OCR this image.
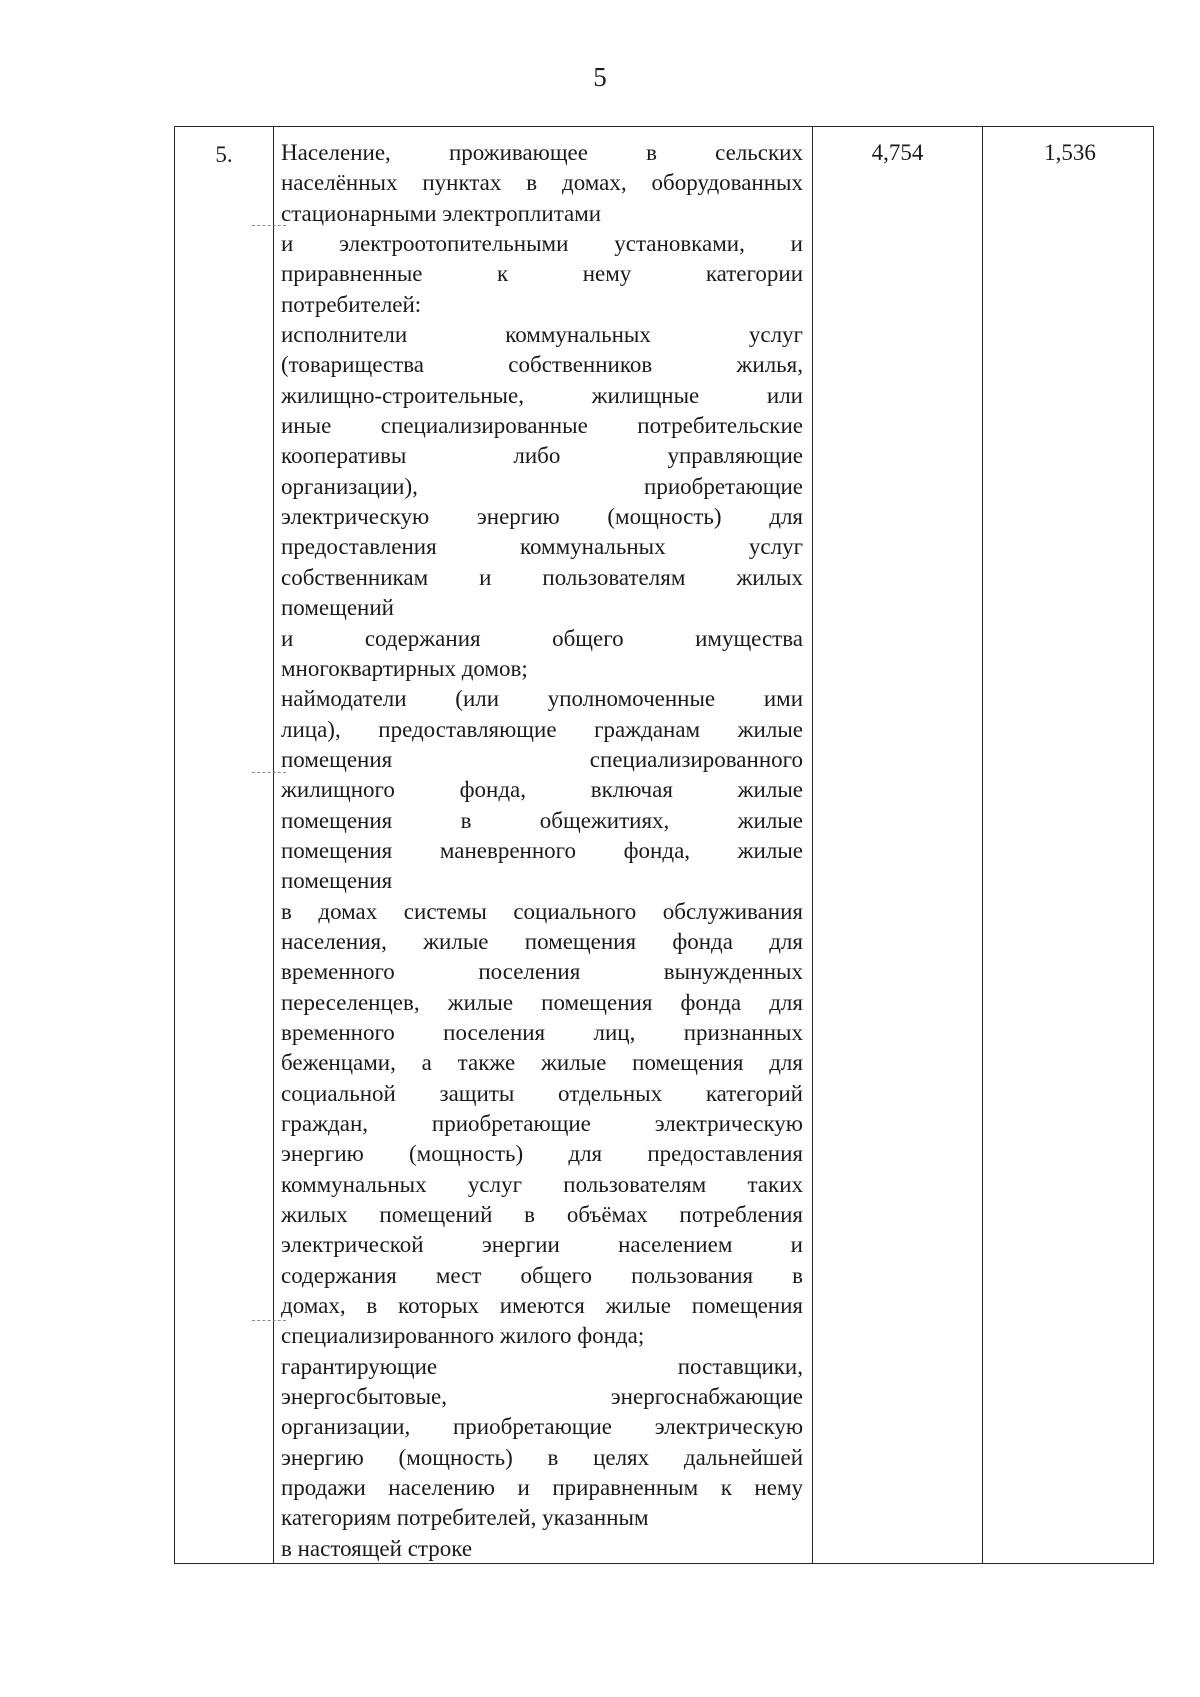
5
5.	Население, проживающее в сельских
населённых пунктах в домах, оборудованных
стационарными электроплитами
и электроотопительными установками, и
приравненные к нему категории
потребителей:
исполнители коммунальных услуг
(товарищества собственников жилья,
жилищно-строительные, жилищные или
иные специализированные потребительские
кооперативы либо управляющие
организации), приобретающие
электрическую энергию (мощность) для
предоставления коммунальных услуг
собственникам и пользователям жилых
помещений
и содержания общего имущества
многоквартирных домов;
наймодатели (или уполномоченные ими
лица), предоставляющие гражданам жилые
помещения специализированного
жилищного фонда, включая жилые
помещения в общежитиях, жилые
помещения маневренного фонда, жилые
помещения
в домах системы социального обслуживания
населения, жилые помещения фонда для
временного поселения вынужденных
переселенцев, жилые помещения фонда для
временного поселения лиц, признанных
беженцами, а также жилые помещения для
социальной защиты отдельных категорий
граждан, приобретающие электрическую
энергию (мощность) для предоставления
коммунальных услуг пользователям таких
жилых помещений в объёмах потребления
электрической энергии населением и
содержания мест общего пользования в
домах, в которых имеются жилые помещения
специализированного жилого фонда;
гарантирующие поставщики,
энергосбытовые, энергоснабжающие
организации, приобретающие электрическую
энергию (мощность) в целях дальнейшей
продажи населению и приравненным к нему
категориям потребителей, указанным
в настоящей строке
4,754	1,536
